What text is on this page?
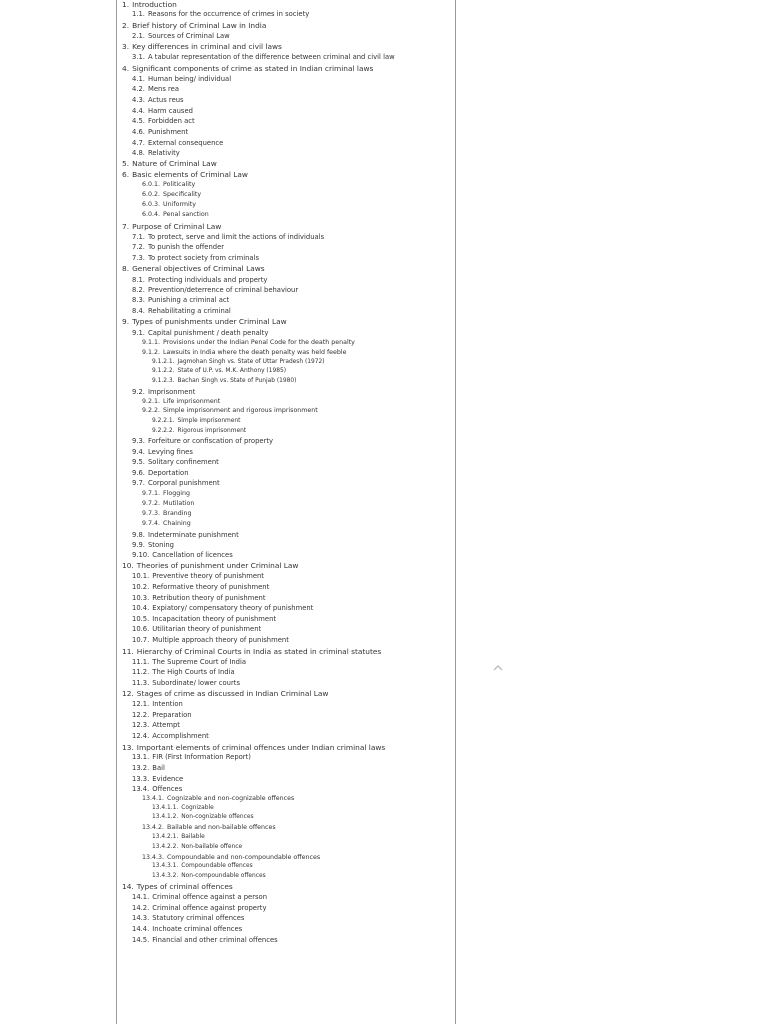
1. Introduction
1.1. Reasons for the occurrence of crimes in society
2. Brief history of Criminal Law in India
2.1. Sources of Criminal Law
3. Key differences in criminal and civil laws
3.1. A tabular representation of the difference between criminal and civil law
4. Significant components of crime as stated in Indian criminal laws
4.1. Human being/ individual
4.2. Mens rea
4.3. Actus reus
4.4. Harm caused
4.5. Forbidden act
4.6. Punishment
4.7. External consequence
4.8. Relativity
5. Nature of Criminal Law
6. Basic elements of Criminal Law
6.0.1. Politicality
6.0.2. Specificality
6.0.3. Uniformity
6.0.4. Penal sanction
7. Purpose of Criminal Law
7.1. To protect, serve and limit the actions of individuals
7.2. To punish the offender
7.3. To protect society from criminals
8. General objectives of Criminal Laws
8.1. Protecting individuals and property
8.2. Prevention/deterrence of criminal behaviour
8.3. Punishing a criminal act
8.4. Rehabilitating a criminal
9. Types of punishments under Criminal Law
9.1. Capital punishment / death penalty
9.1.1. Provisions under the Indian Penal Code for the death penalty
9.1.2. Lawsuits in India where the death penalty was held feeble
9.1.2.1. Jagmohan Singh vs. State of Uttar Pradesh (1972)
9.1.2.2. State of U.P. vs. M.K. Anthony (1985)
9.1.2.3. Bachan Singh vs. State of Punjab (1980)
9.2. Imprisonment
9.2.1. Life imprisonment
9.2.2. Simple imprisonment and rigorous imprisonment
9.2.2.1. Simple imprisonment
9.2.2.2. Rigorous imprisonment
9.3. Forfeiture or confiscation of property
9.4. Levying fines
9.5. Solitary confinement
9.6. Deportation
9.7. Corporal punishment
9.7.1. Flogging
9.7.2. Mutilation
9.7.3. Branding
9.7.4. Chaining
9.8. Indeterminate punishment
9.9. Stoning
9.10. Cancellation of licences
10. Theories of punishment under Criminal Law
10.1. Preventive theory of punishment
10.2. Reformative theory of punishment
10.3. Retribution theory of punishment
10.4. Expiatory/ compensatory theory of punishment
10.5. Incapacitation theory of punishment
10.6. Utilitarian theory of punishment
10.7. Multiple approach theory of punishment
11. Hierarchy of Criminal Courts in India as stated in criminal statutes
11.1. The Supreme Court of India
11.2. The High Courts of India
11.3. Subordinate/ lower courts
12. Stages of crime as discussed in Indian Criminal Law
12.1. Intention
12.2. Preparation
12.3. Attempt
12.4. Accomplishment
13. Important elements of criminal offences under Indian criminal laws
13.1. FIR (First Information Report)
13.2. Bail
13.3. Evidence
13.4. Offences
13.4.1. Cognizable and non-cognizable offences
13.4.1.1. Cognizable
13.4.1.2. Non-cognizable offences
13.4.2. Bailable and non-bailable offences
13.4.2.1. Bailable
13.4.2.2. Non-bailable offence
13.4.3. Compoundable and non-compoundable offences
13.4.3.1. Compoundable offences
13.4.3.2. Non-compoundable offences
14. Types of criminal offences
14.1. Criminal offence against a person
14.2. Criminal offence against property
14.3. Statutory criminal offences
14.4. Inchoate criminal offences
14.5. Financial and other criminal offences
